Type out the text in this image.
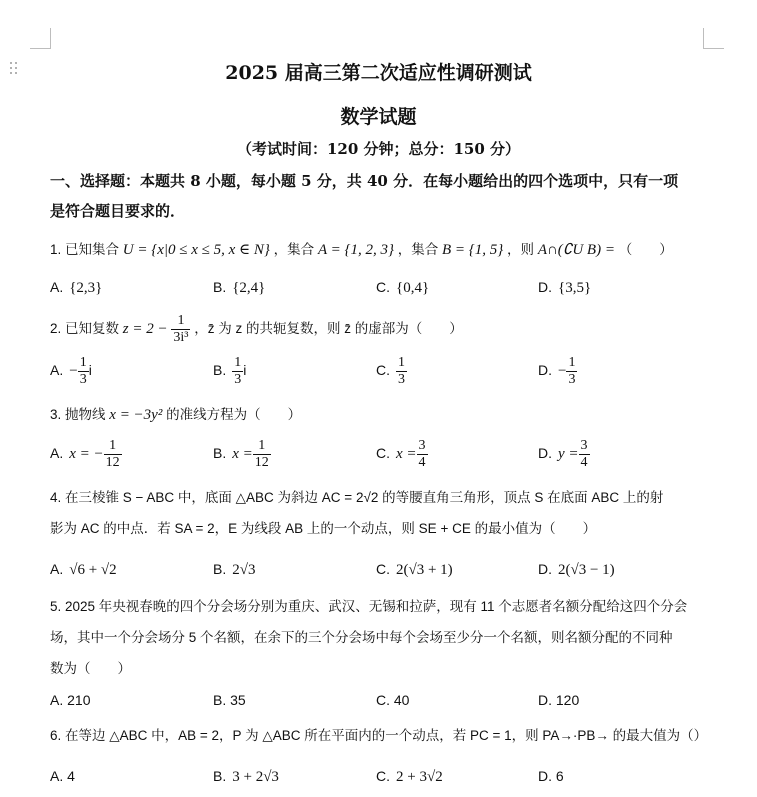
2025 届高三第二次适应性调研测试
数学试题
（考试时间：120 分钟；总分：150 分）
一、选择题：本题共 8 小题，每小题 5 分，共 40 分．在每小题给出的四个选项中，只有一项
是符合题目要求的．
1. 已知集合 U = {x|0 ≤ x ≤ 5, x ∈ N} ，集合 A = {1, 2, 3} ，集合 B = {1, 5} ，则 A∩(∁U B) = （　　）
A. {2,3}	B. {2,4}	C. {0,4}	D. {3,5}
2. 已知复数 $z = 2 - \frac{1}{\text{3i³}}$ ，z̄ 为 z 的共轭复数，则 z̄ 的虚部为（　　）
A. − $\frac{1}{3}$ i	B. $\frac{1}{3}$ i	C. $\frac{1}{3}$	D. − $\frac{1}{3}$
3. 抛物线 x = −3y² 的准线方程为（　　）
A. x = − $\frac{1}{12}$	B. $x = \frac{1}{12}$	C. $x = \frac{3}{4}$	D. $y = \frac{3}{4}$
4. 在三棱锥 S − ABC 中，底面 △ABC 为斜边 AC = 2√2 的等腰直角三角形，顶点 S 在底面 ABC 上的射
影为 AC 的中点．若 SA = 2，E 为线段 AB 上的一个动点，则 SE + CE 的最小值为（　　）
A. √6 + √2	B. 2√3	C. 2(√3 + 1)	D. 2(√3 − 1)
5. 2025 年央视春晚的四个分会场分别为重庆、武汉、无锡和拉萨，现有 11 个志愿者名额分配给这四个分会
场，其中一个分会场分 5 个名额，在余下的三个分会场中每个会场至少分一个名额，则名额分配的不同种
数为（　　）
A. 210	B. 35	C. 40	D. 120
6. 在等边 △ABC 中，AB = 2，P 为 △ABC 所在平面内的一个动点，若 PC = 1，则 PA→·PB→ 的最大值为（）
A. 4	B. 3 + 2√3	C. 2 + 3√2	D. 6
